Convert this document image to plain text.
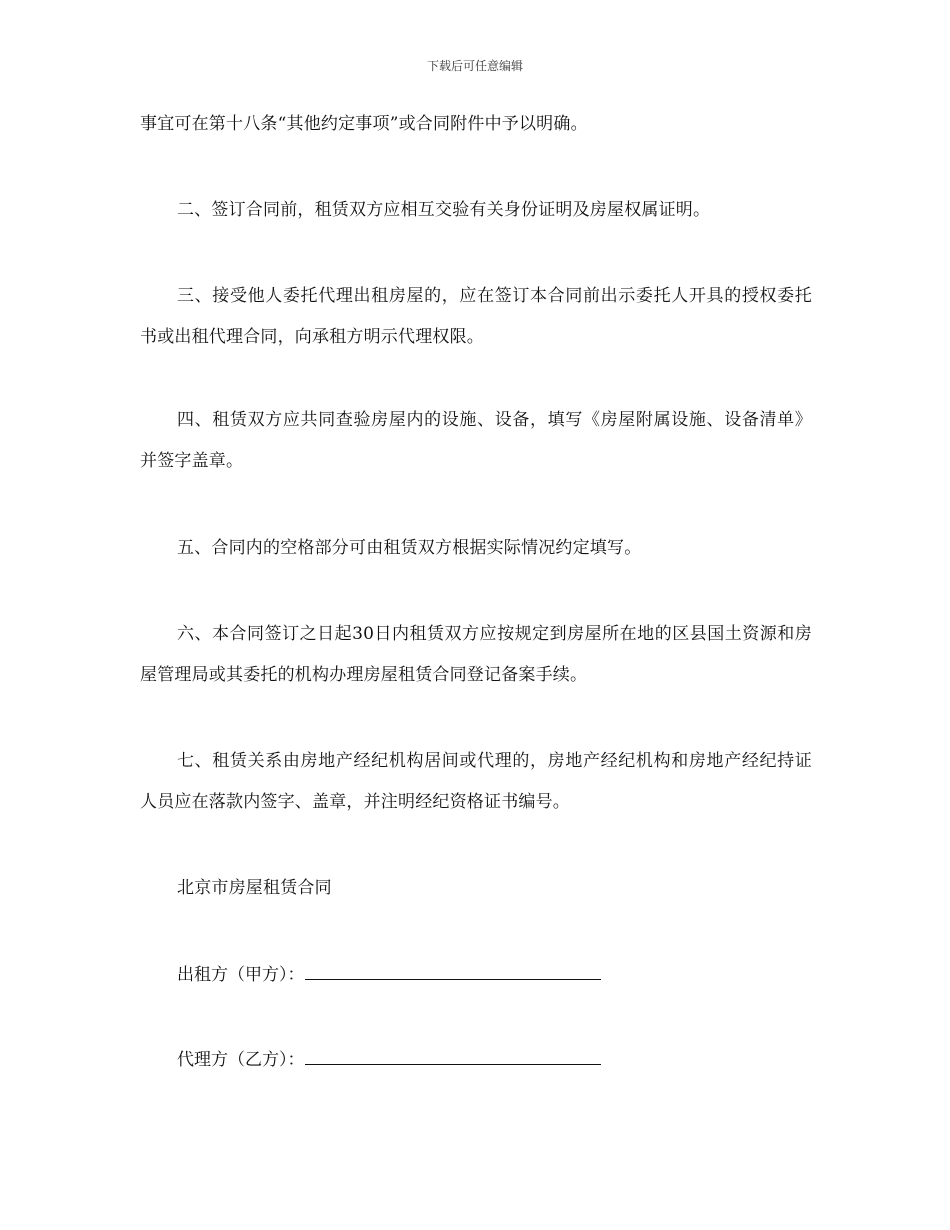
下载后可任意编辑
事宜可在第十八条“其他约定事项”或合同附件中予以明确。
二、签订合同前，租赁双方应相互交验有关身份证明及房屋权属证明。
三、接受他人委托代理出租房屋的，应在签订本合同前出示委托人开具的授权委托书或出租代理合同，向承租方明示代理权限。
四、租赁双方应共同查验房屋内的设施、设备，填写《房屋附属设施、设备清单》并签字盖章。
五、合同内的空格部分可由租赁双方根据实际情况约定填写。
六、本合同签订之日起30日内租赁双方应按规定到房屋所在地的区县国土资源和房屋管理局或其委托的机构办理房屋租赁合同登记备案手续。
七、租赁关系由房地产经纪机构居间或代理的，房地产经纪机构和房地产经纪持证人员应在落款内签字、盖章，并注明经纪资格证书编号。
北京市房屋租赁合同
出租方（甲方）：
代理方（乙方）：
